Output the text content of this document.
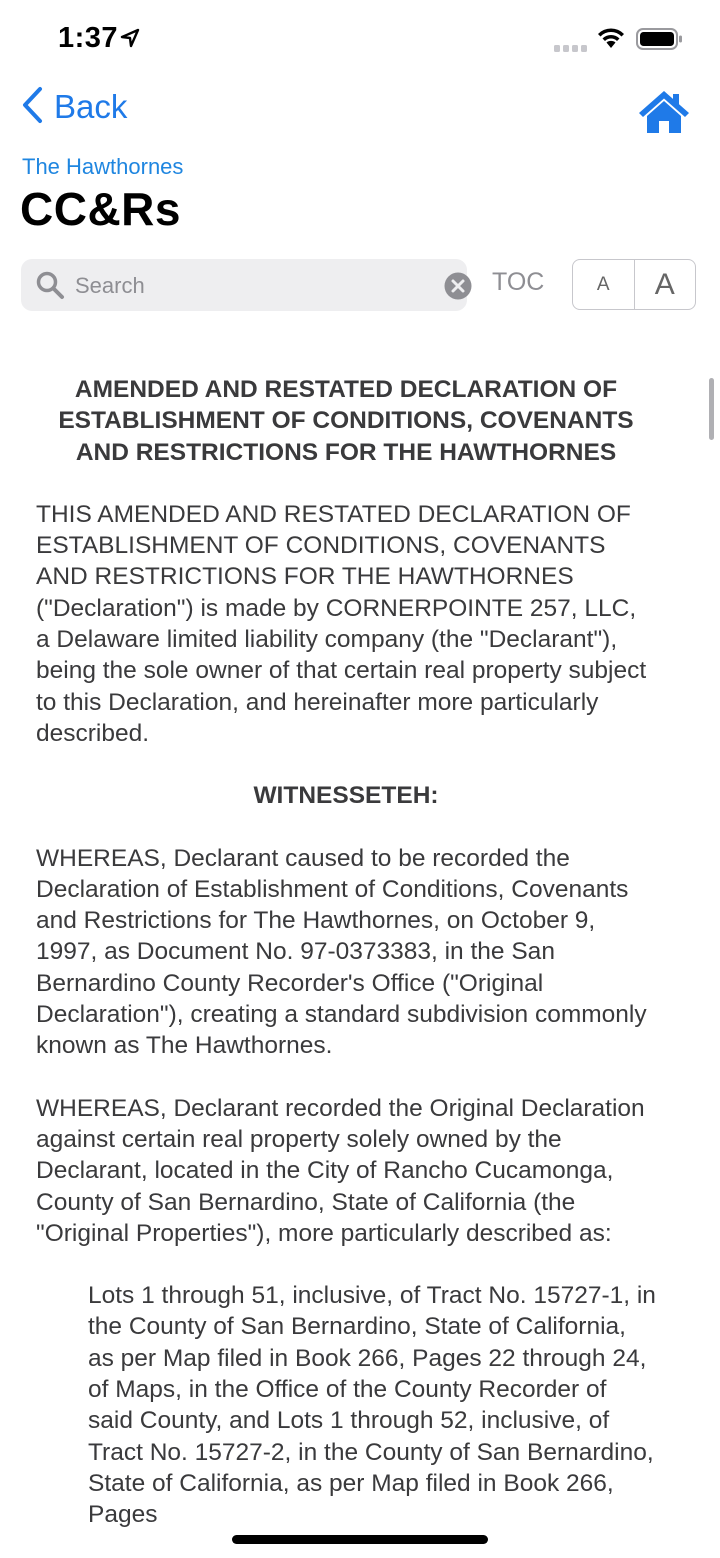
1:37
Back
The Hawthornes
CC&Rs
Search
TOC	A	A

AMENDED AND RESTATED DECLARATION OF ESTABLISHMENT OF CONDITIONS, COVENANTS AND RESTRICTIONS FOR THE HAWTHORNES

THIS AMENDED AND RESTATED DECLARATION OF ESTABLISHMENT OF CONDITIONS, COVENANTS AND RESTRICTIONS FOR THE HAWTHORNES ("Declaration") is made by CORNERPOINTE 257, LLC, a Delaware limited liability company (the "Declarant"), being the sole owner of that certain real property subject to this Declaration, and hereinafter more particularly described.

WITNESSETEH:

WHEREAS, Declarant caused to be recorded the Declaration of Establishment of Conditions, Covenants and Restrictions for The Hawthornes, on October 9, 1997, as Document No. 97-0373383, in the San Bernardino County Recorder's Office ("Original Declaration"), creating a standard subdivision commonly known as The Hawthornes.

WHEREAS, Declarant recorded the Original Declaration against certain real property solely owned by the Declarant, located in the City of Rancho Cucamonga, County of San Bernardino, State of California (the "Original Properties"), more particularly described as:

Lots 1 through 51, inclusive, of Tract No. 15727-1, in the County of San Bernardino, State of California, as per Map filed in Book 266, Pages 22 through 24, of Maps, in the Office of the County Recorder of said County, and Lots 1 through 52, inclusive, of Tract No. 15727-2, in the County of San Bernardino, State of California, as per Map filed in Book 266, Pages
